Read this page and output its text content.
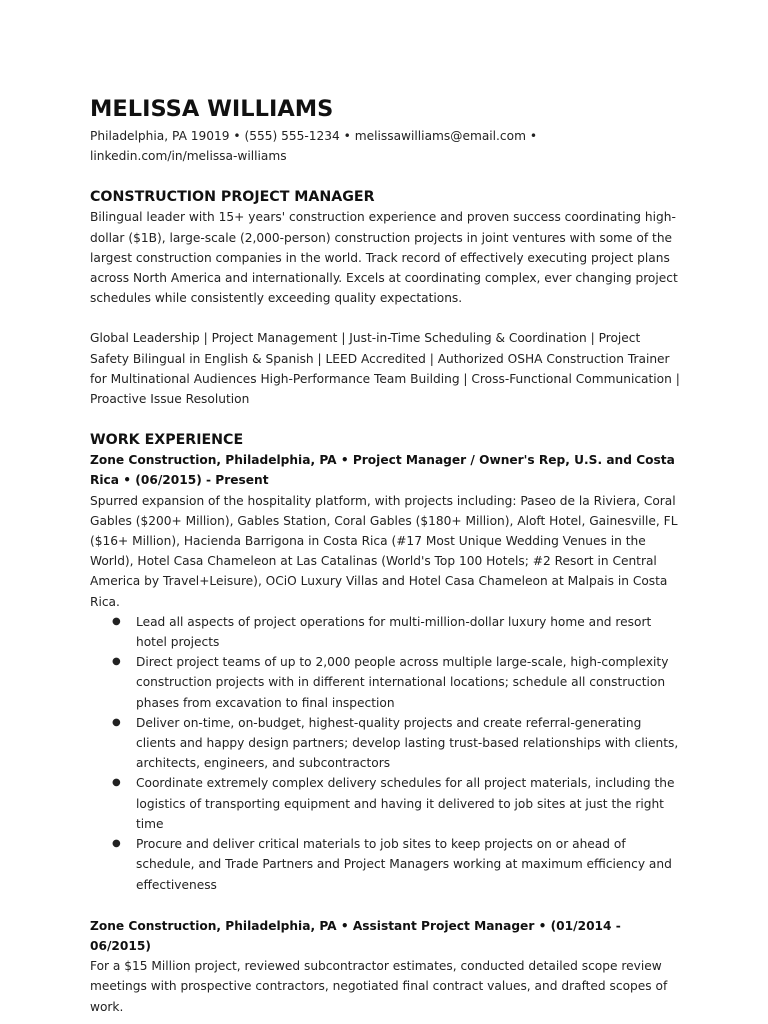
MELISSA WILLIAMS

Philadelphia, PA 19019 • (555) 555-1234 • melissawilliams@email.com • linkedin.com/in/melissa-williams

CONSTRUCTION PROJECT MANAGER

Bilingual leader with 15+ years' construction experience and proven success coordinating high-dollar ($1B), large-scale (2,000-person) construction projects in joint ventures with some of the largest construction companies in the world. Track record of effectively executing project plans across North America and internationally. Excels at coordinating complex, ever changing project schedules while consistently exceeding quality expectations.

Global Leadership | Project Management | Just-in-Time Scheduling & Coordination | Project Safety Bilingual in English & Spanish | LEED Accredited | Authorized OSHA Construction Trainer for Multinational Audiences High-Performance Team Building | Cross-Functional Communication | Proactive Issue Resolution

WORK EXPERIENCE

Zone Construction, Philadelphia, PA • Project Manager / Owner's Rep, U.S. and Costa Rica • (06/2015) - Present

Spurred expansion of the hospitality platform, with projects including: Paseo de la Riviera, Coral Gables ($200+ Million), Gables Station, Coral Gables ($180+ Million), Aloft Hotel, Gainesville, FL ($16+ Million), Hacienda Barrigona in Costa Rica (#17 Most Unique Wedding Venues in the World), Hotel Casa Chameleon at Las Catalinas (World's Top 100 Hotels; #2 Resort in Central America by Travel+Leisure), OCiO Luxury Villas and Hotel Casa Chameleon at Malpais in Costa Rica.

● Lead all aspects of project operations for multi-million-dollar luxury home and resort hotel projects
● Direct project teams of up to 2,000 people across multiple large-scale, high-complexity construction projects with in different international locations; schedule all construction phases from excavation to final inspection
● Deliver on-time, on-budget, highest-quality projects and create referral-generating clients and happy design partners; develop lasting trust-based relationships with clients, architects, engineers, and subcontractors
● Coordinate extremely complex delivery schedules for all project materials, including the logistics of transporting equipment and having it delivered to job sites at just the right time
● Procure and deliver critical materials to job sites to keep projects on or ahead of schedule, and Trade Partners and Project Managers working at maximum efficiency and effectiveness

Zone Construction, Philadelphia, PA • Assistant Project Manager • (01/2014 - 06/2015)

For a $15 Million project, reviewed subcontractor estimates, conducted detailed scope review meetings with prospective contractors, negotiated final contract values, and drafted scopes of work.
